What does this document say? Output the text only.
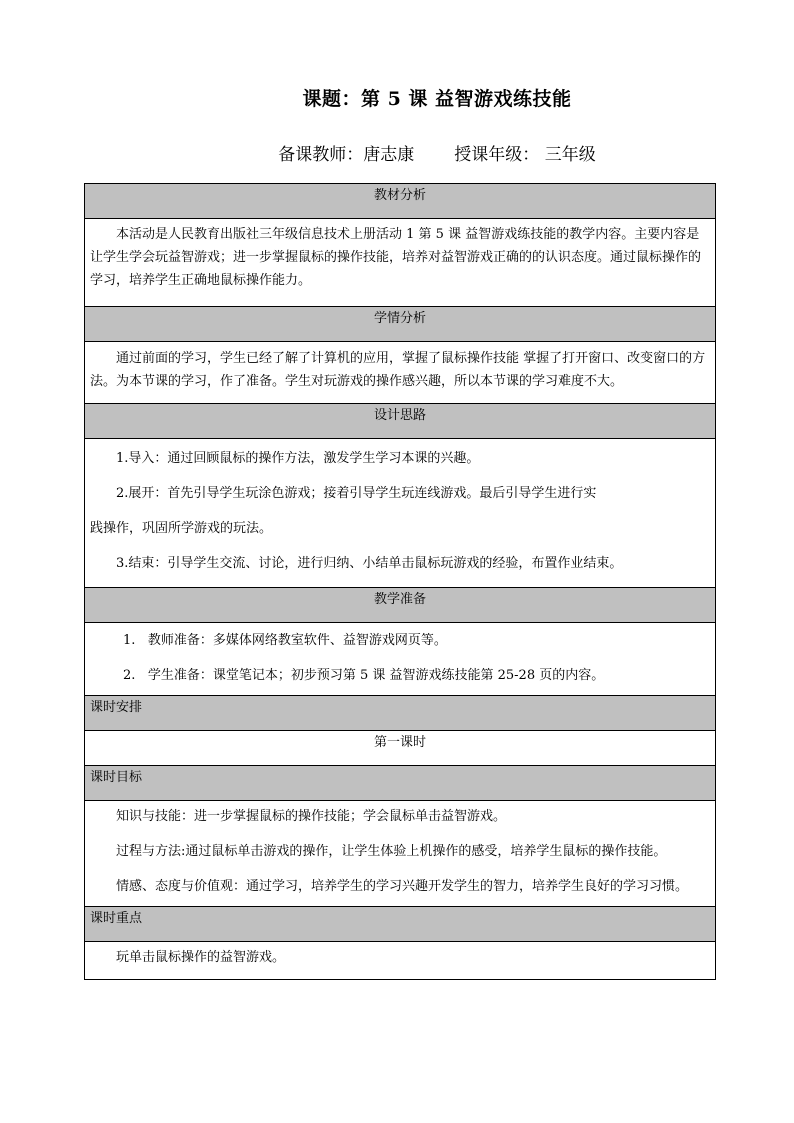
课题：第 5 课 益智游戏练技能
备课教师：唐志康 授课年级： 三年级
教材分析

本活动是人民教育出版社三年级信息技术上册活动 1 第 5 课 益智游戏练技能的教学内容。主要内容是让学生学会玩益智游戏；进一步掌握鼠标的操作技能，培养对益智游戏正确的的认识态度。通过鼠标操作的学习，培养学生正确地鼠标操作能力。

学情分析

通过前面的学习，学生已经了解了计算机的应用，掌握了鼠标操作技能 掌握了打开窗口、改变窗口的方法。为本节课的学习，作了准备。学生对玩游戏的操作感兴趣，所以本节课的学习难度不大。

设计思路

1.导入：通过回顾鼠标的操作方法，激发学生学习本课的兴趣。

2.展开：首先引导学生玩涂色游戏；接着引导学生玩连线游戏。最后引导学生进行实

践操作，巩固所学游戏的玩法。

3.结束：引导学生交流、讨论，进行归纳、小结单击鼠标玩游戏的经验，布置作业结束。

教学准备

1. 教师准备：多媒体网络教室软件、益智游戏网页等。

2. 学生准备：课堂笔记本；初步预习第 5 课 益智游戏练技能第 25-28 页的内容。

课时安排
第一课时
课时目标

知识与技能：进一步掌握鼠标的操作技能；学会鼠标单击益智游戏。

过程与方法:通过鼠标单击游戏的操作，让学生体验上机操作的感受，培养学生鼠标的操作技能。

情感、态度与价值观：通过学习，培养学生的学习兴趣开发学生的智力，培养学生良好的学习习惯。

课时重点

玩单击鼠标操作的益智游戏。
